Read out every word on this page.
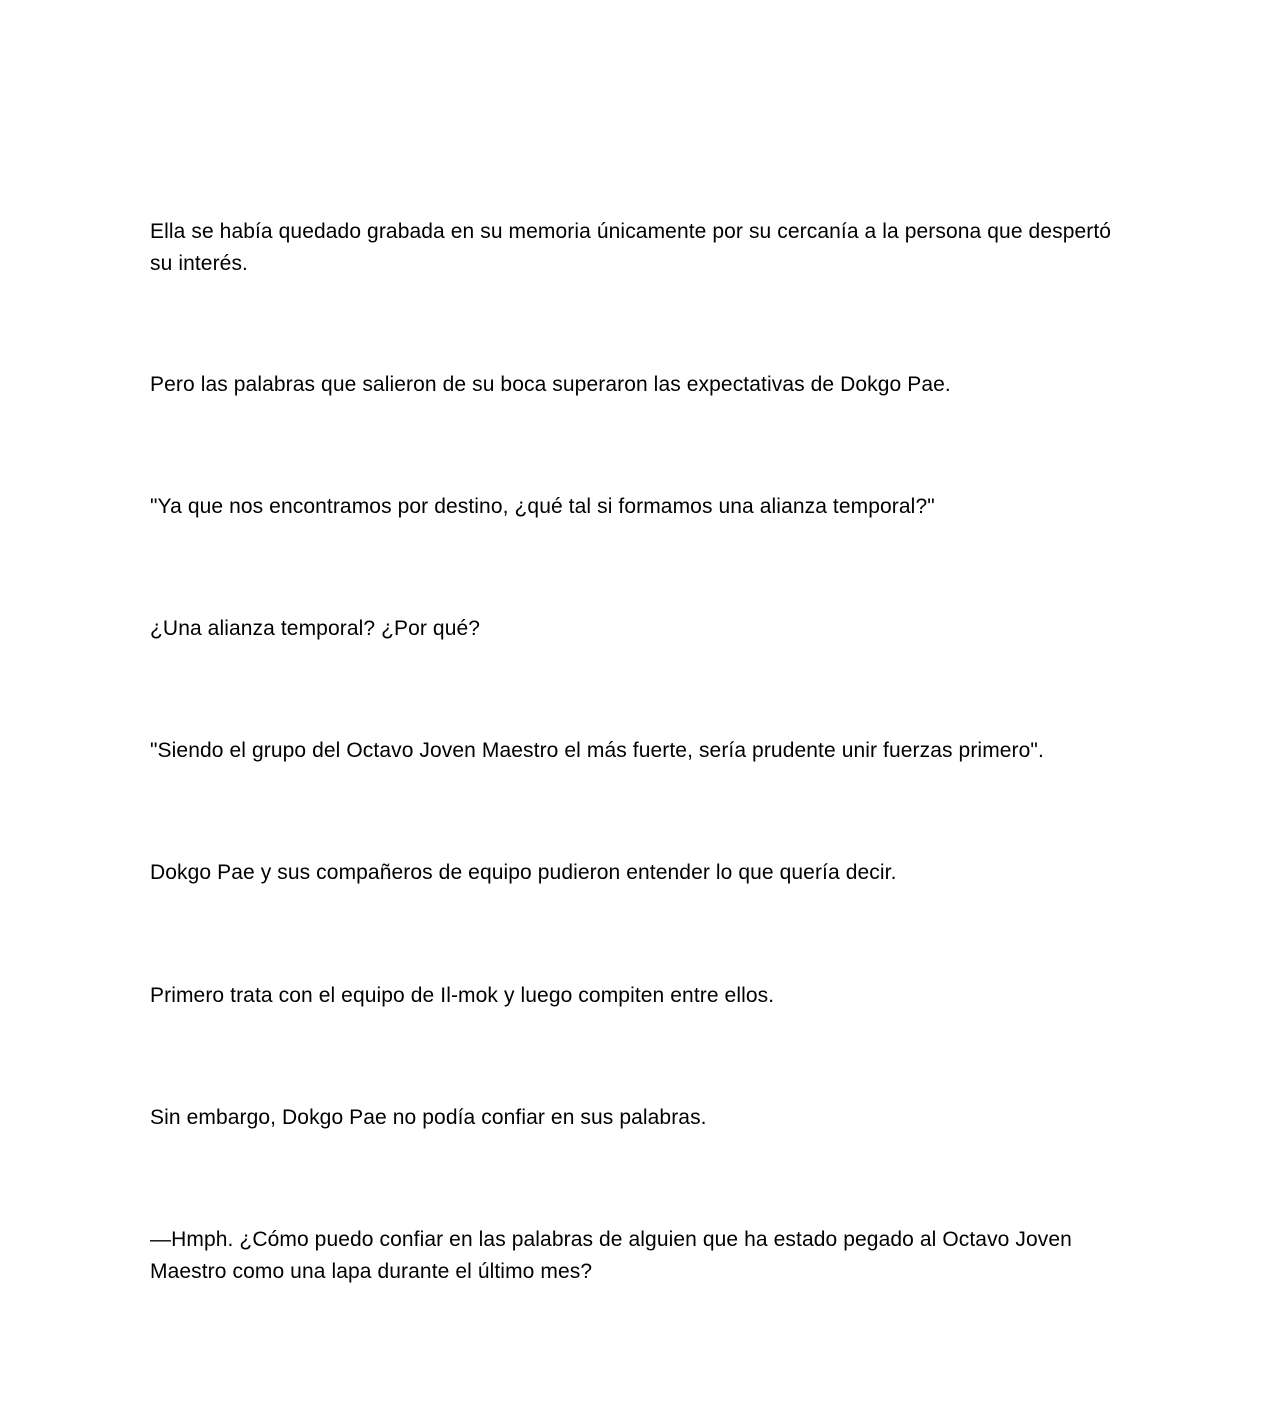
Ella se había quedado grabada en su memoria únicamente por su cercanía a la persona que despertó su interés.

Pero las palabras que salieron de su boca superaron las expectativas de Dokgo Pae.

"Ya que nos encontramos por destino, ¿qué tal si formamos una alianza temporal?"

¿Una alianza temporal? ¿Por qué?

"Siendo el grupo del Octavo Joven Maestro el más fuerte, sería prudente unir fuerzas primero".

Dokgo Pae y sus compañeros de equipo pudieron entender lo que quería decir.

Primero trata con el equipo de Il-mok y luego compiten entre ellos.

Sin embargo, Dokgo Pae no podía confiar en sus palabras.

—Hmph. ¿Cómo puedo confiar en las palabras de alguien que ha estado pegado al Octavo Joven Maestro como una lapa durante el último mes?
